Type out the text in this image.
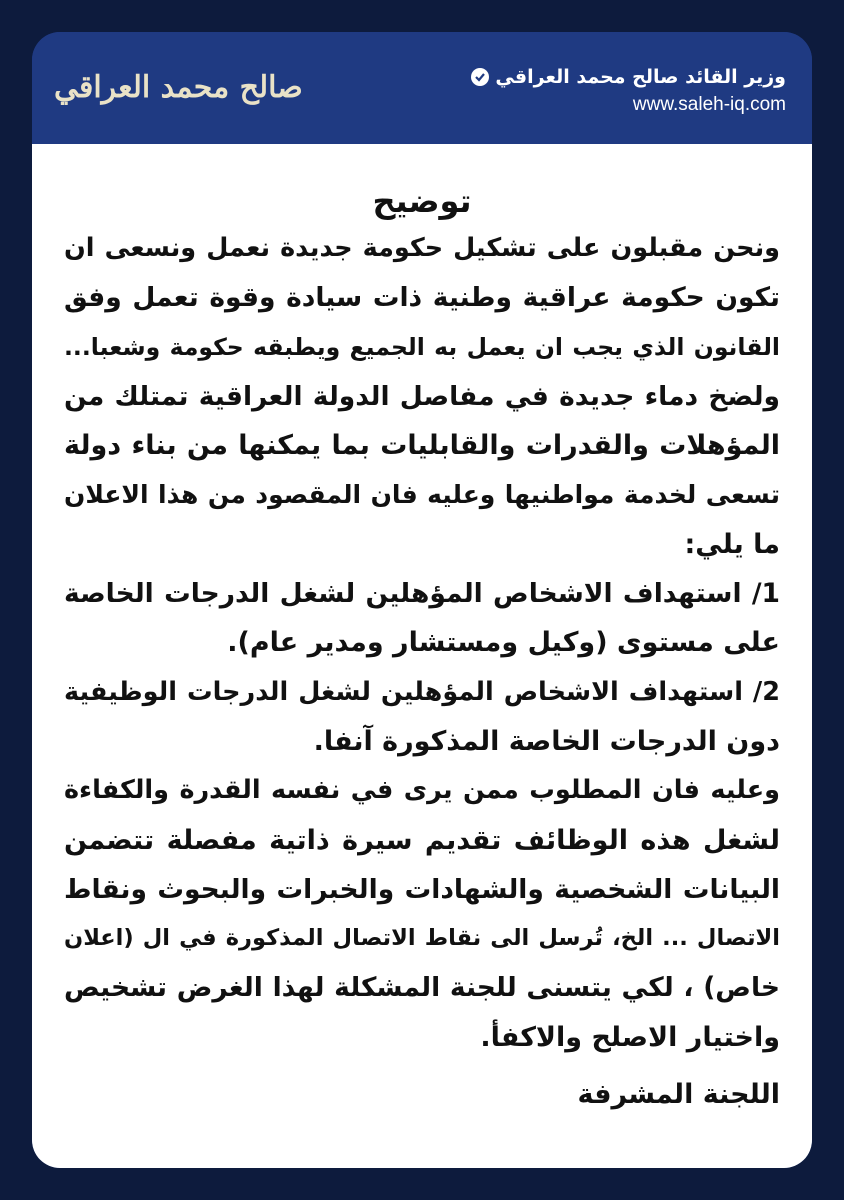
صالح محمد العراقي	وزير القائد صالح محمد العراقي
www.saleh-iq.com
توضيح

ونحن مقبلون على تشكيل حكومة جديدة نعمل ونسعى ان

تكون حكومة عراقية وطنية ذات سيادة وقوة تعمل وفق

القانون الذي يجب ان يعمل به الجميع ويطبقه حكومة وشعبا...

ولضخ دماء جديدة في مفاصل الدولة العراقية تمتلك من

المؤهلات والقدرات والقابليات بما يمكنها من بناء دولة

تسعى لخدمة مواطنيها وعليه فان المقصود من هذا الاعلان

ما يلي:

1/ استهداف الاشخاص المؤهلين لشغل الدرجات الخاصة

على مستوى (وكيل ومستشار ومدير عام).

2/ استهداف الاشخاص المؤهلين لشغل الدرجات الوظيفية

دون الدرجات الخاصة المذكورة آنفا.

وعليه فان المطلوب ممن يرى في نفسه القدرة والكفاءة

لشغل هذه الوظائف تقديم سيرة ذاتية مفصلة تتضمن

البيانات الشخصية والشهادات والخبرات والبحوث ونقاط

الاتصال ... الخ، تُرسل الى نقاط الاتصال المذكورة في ال (اعلان

خاص) ، لكي يتسنى للجنة المشكلة لهذا الغرض تشخيص

واختيار الاصلح والاكفأ.

اللجنة المشرفة
